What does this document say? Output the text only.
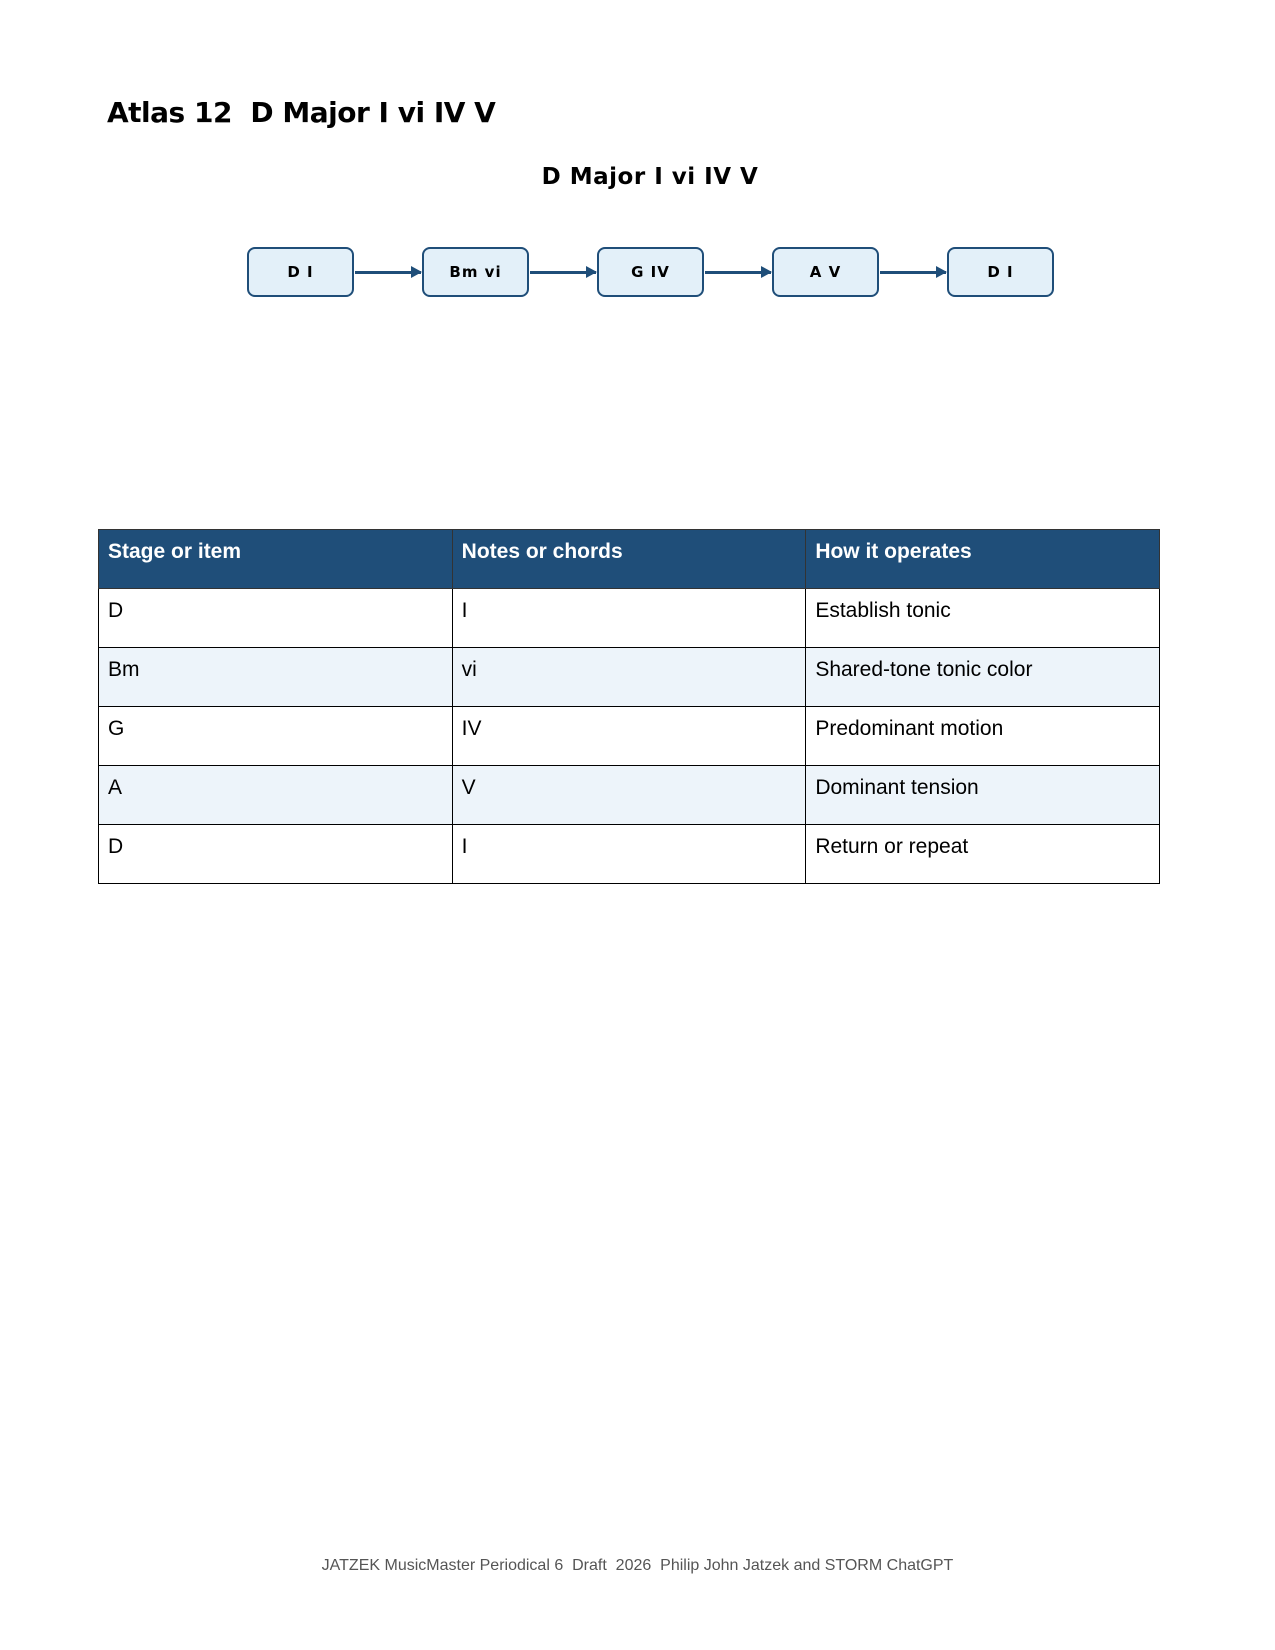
Atlas 12  D Major I vi IV V
D Major I vi IV V
D I	Bm vi	G IV	A V	D I
Stage or item	Notes or chords	How it operates
D	I	Establish tonic
Bm	vi	Shared-tone tonic color
G	IV	Predominant motion
A	V	Dominant tension
D	I	Return or repeat
JATZEK MusicMaster Periodical 6  Draft  2026  Philip John Jatzek and STORM ChatGPT
